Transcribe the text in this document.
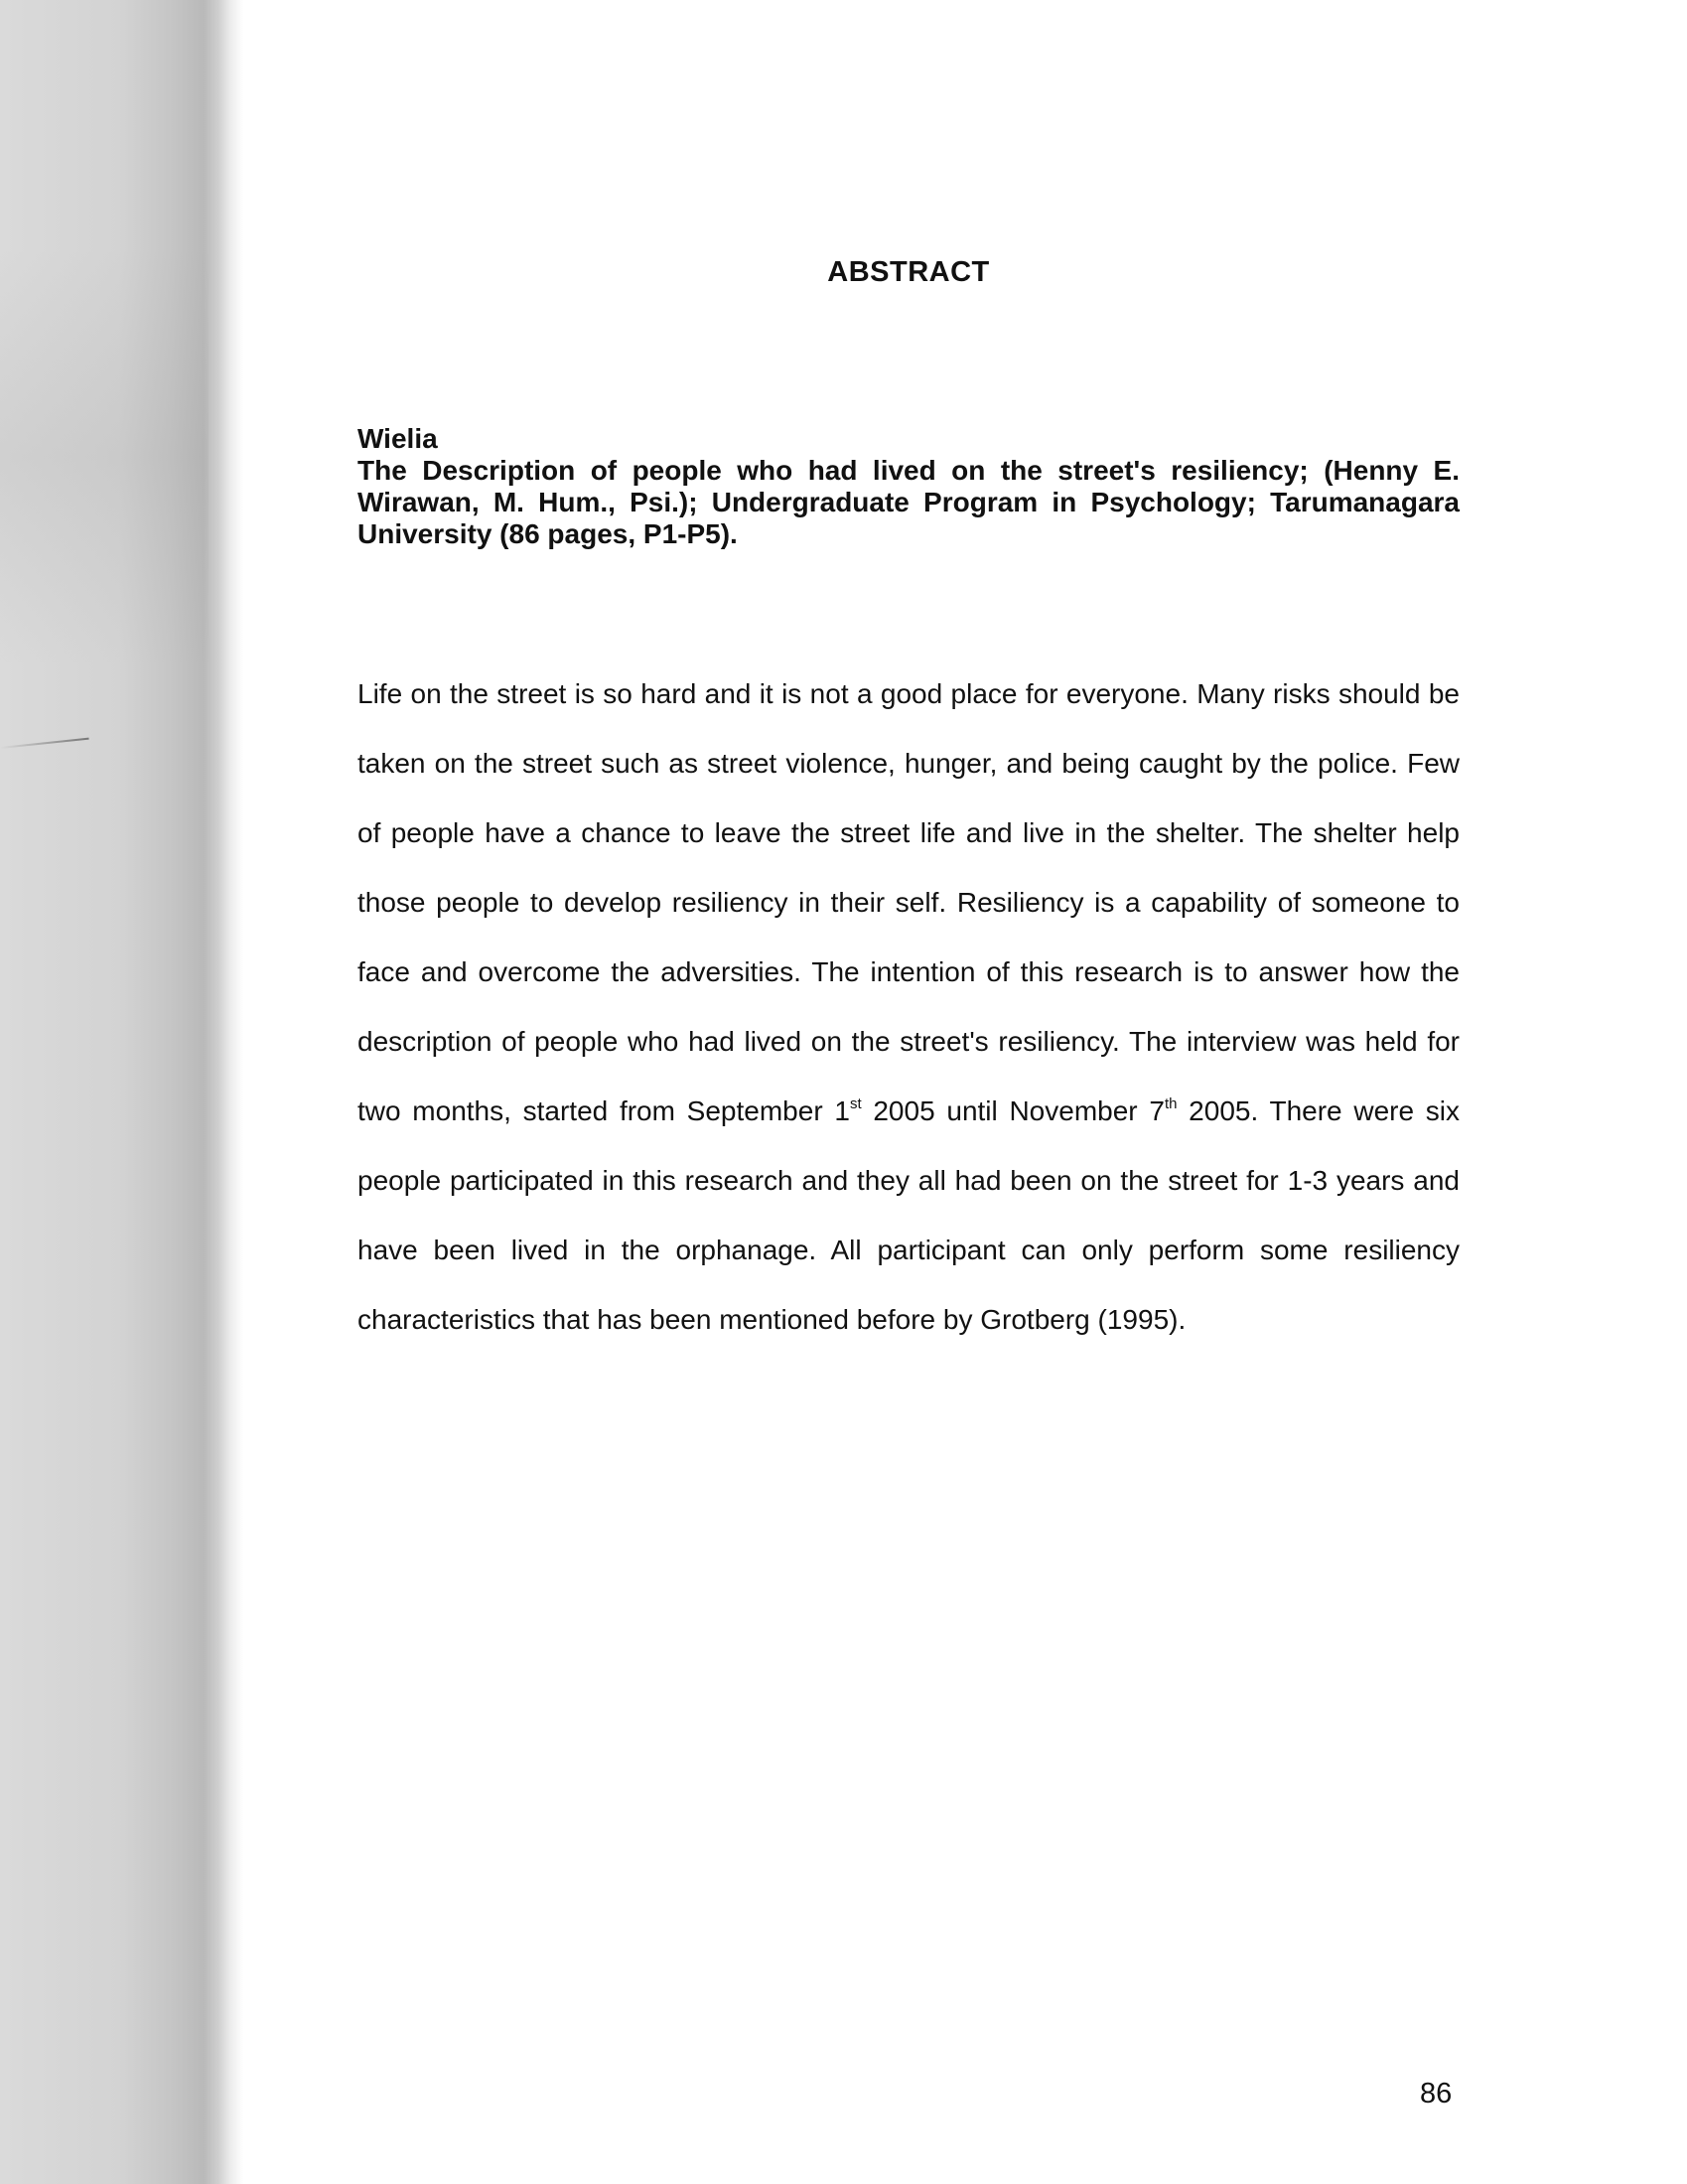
ABSTRACT
Wielia

The Description of people who had lived on the street's resiliency; (Henny E. Wirawan, M. Hum., Psi.); Undergraduate Program in Psychology; Tarumanagara University (86 pages, P1-P5).

Life on the street is so hard and it is not a good place for everyone. Many risks should be taken on the street such as street violence, hunger, and being caught by the police. Few of people have a chance to leave the street life and live in the shelter. The shelter help those people to develop resiliency in their self. Resiliency is a capability of someone to face and overcome the adversities. The intention of this research is to answer how the description of people who had lived on the street's resiliency. The interview was held for two months, started from September 1st 2005 until November 7th 2005. There were six people participated in this research and they all had been on the street for 1-3 years and have been lived in the orphanage. All participant can only perform some resiliency characteristics that has been mentioned before by Grotberg (1995).

86
